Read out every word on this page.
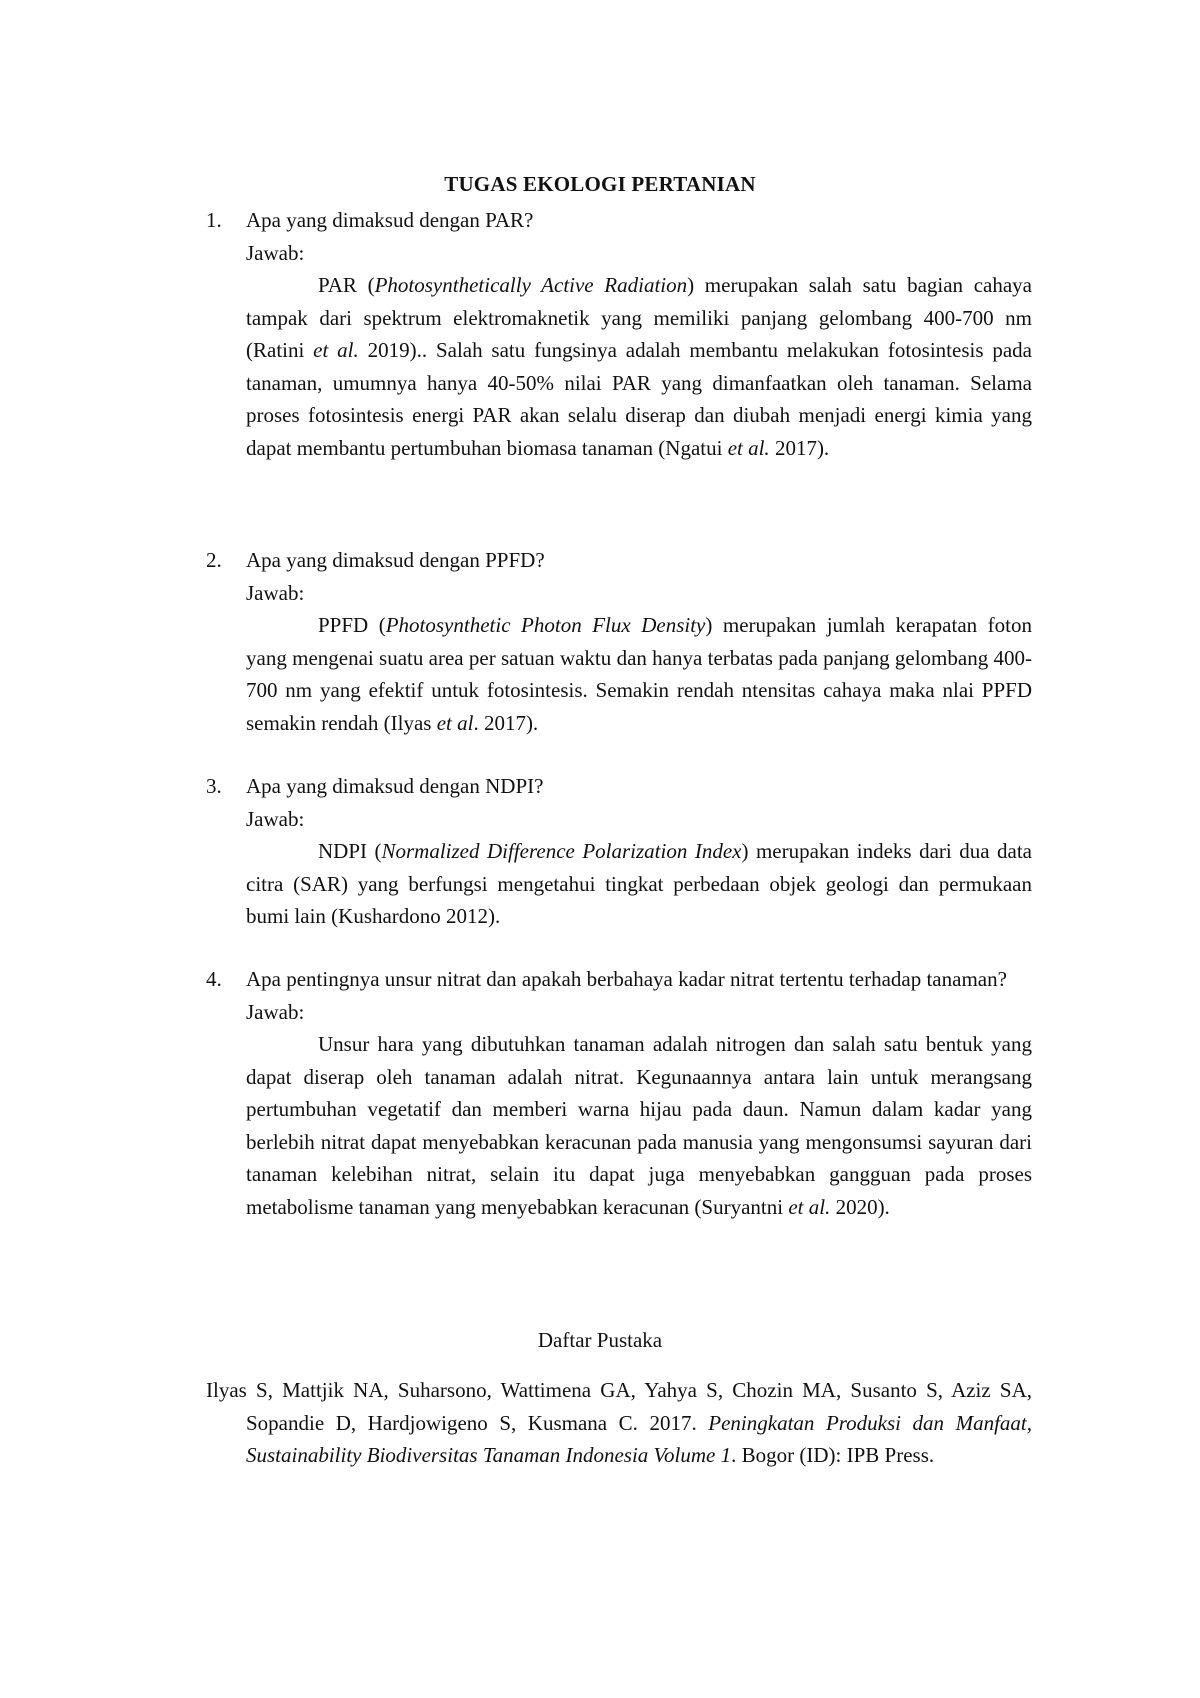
TUGAS EKOLOGI PERTANIAN
1.	Apa yang dimaksud dengan PAR?
Jawab:
PAR (Photosynthetically Active Radiation) merupakan salah satu bagian cahaya tampak dari spektrum elektromaknetik yang memiliki panjang gelombang 400-700 nm (Ratini et al. 2019).. Salah satu fungsinya adalah membantu melakukan fotosintesis pada tanaman, umumnya hanya 40-50% nilai PAR yang dimanfaatkan oleh tanaman. Selama proses fotosintesis energi PAR akan selalu diserap dan diubah menjadi energi kimia yang dapat membantu pertumbuhan biomasa tanaman (Ngatui et al. 2017).
2.	Apa yang dimaksud dengan PPFD?
Jawab:
PPFD (Photosynthetic Photon Flux Density) merupakan jumlah kerapatan foton yang mengenai suatu area per satuan waktu dan hanya terbatas pada panjang gelombang 400-700 nm yang efektif untuk fotosintesis. Semakin rendah ntensitas cahaya maka nlai PPFD semakin rendah (Ilyas et al. 2017).
3.	Apa yang dimaksud dengan NDPI?
Jawab:
NDPI (Normalized Difference Polarization Index) merupakan indeks dari dua data citra (SAR) yang berfungsi mengetahui tingkat perbedaan objek geologi dan permukaan bumi lain (Kushardono 2012).
4.	Apa pentingnya unsur nitrat dan apakah berbahaya kadar nitrat tertentu terhadap tanaman?
Jawab:
Unsur hara yang dibutuhkan tanaman adalah nitrogen dan salah satu bentuk yang dapat diserap oleh tanaman adalah nitrat. Kegunaannya antara lain untuk merangsang pertumbuhan vegetatif dan memberi warna hijau pada daun. Namun dalam kadar yang berlebih nitrat dapat menyebabkan keracunan pada manusia yang mengonsumsi sayuran dari tanaman kelebihan nitrat, selain itu dapat juga menyebabkan gangguan pada proses metabolisme tanaman yang menyebabkan keracunan (Suryantni et al. 2020).
Daftar Pustaka
Ilyas S, Mattjik NA, Suharsono, Wattimena GA, Yahya S, Chozin MA, Susanto S, Aziz SA, Sopandie D, Hardjowigeno S, Kusmana C. 2017. Peningkatan Produksi dan Manfaat, Sustainability Biodiversitas Tanaman Indonesia Volume 1. Bogor (ID): IPB Press.
